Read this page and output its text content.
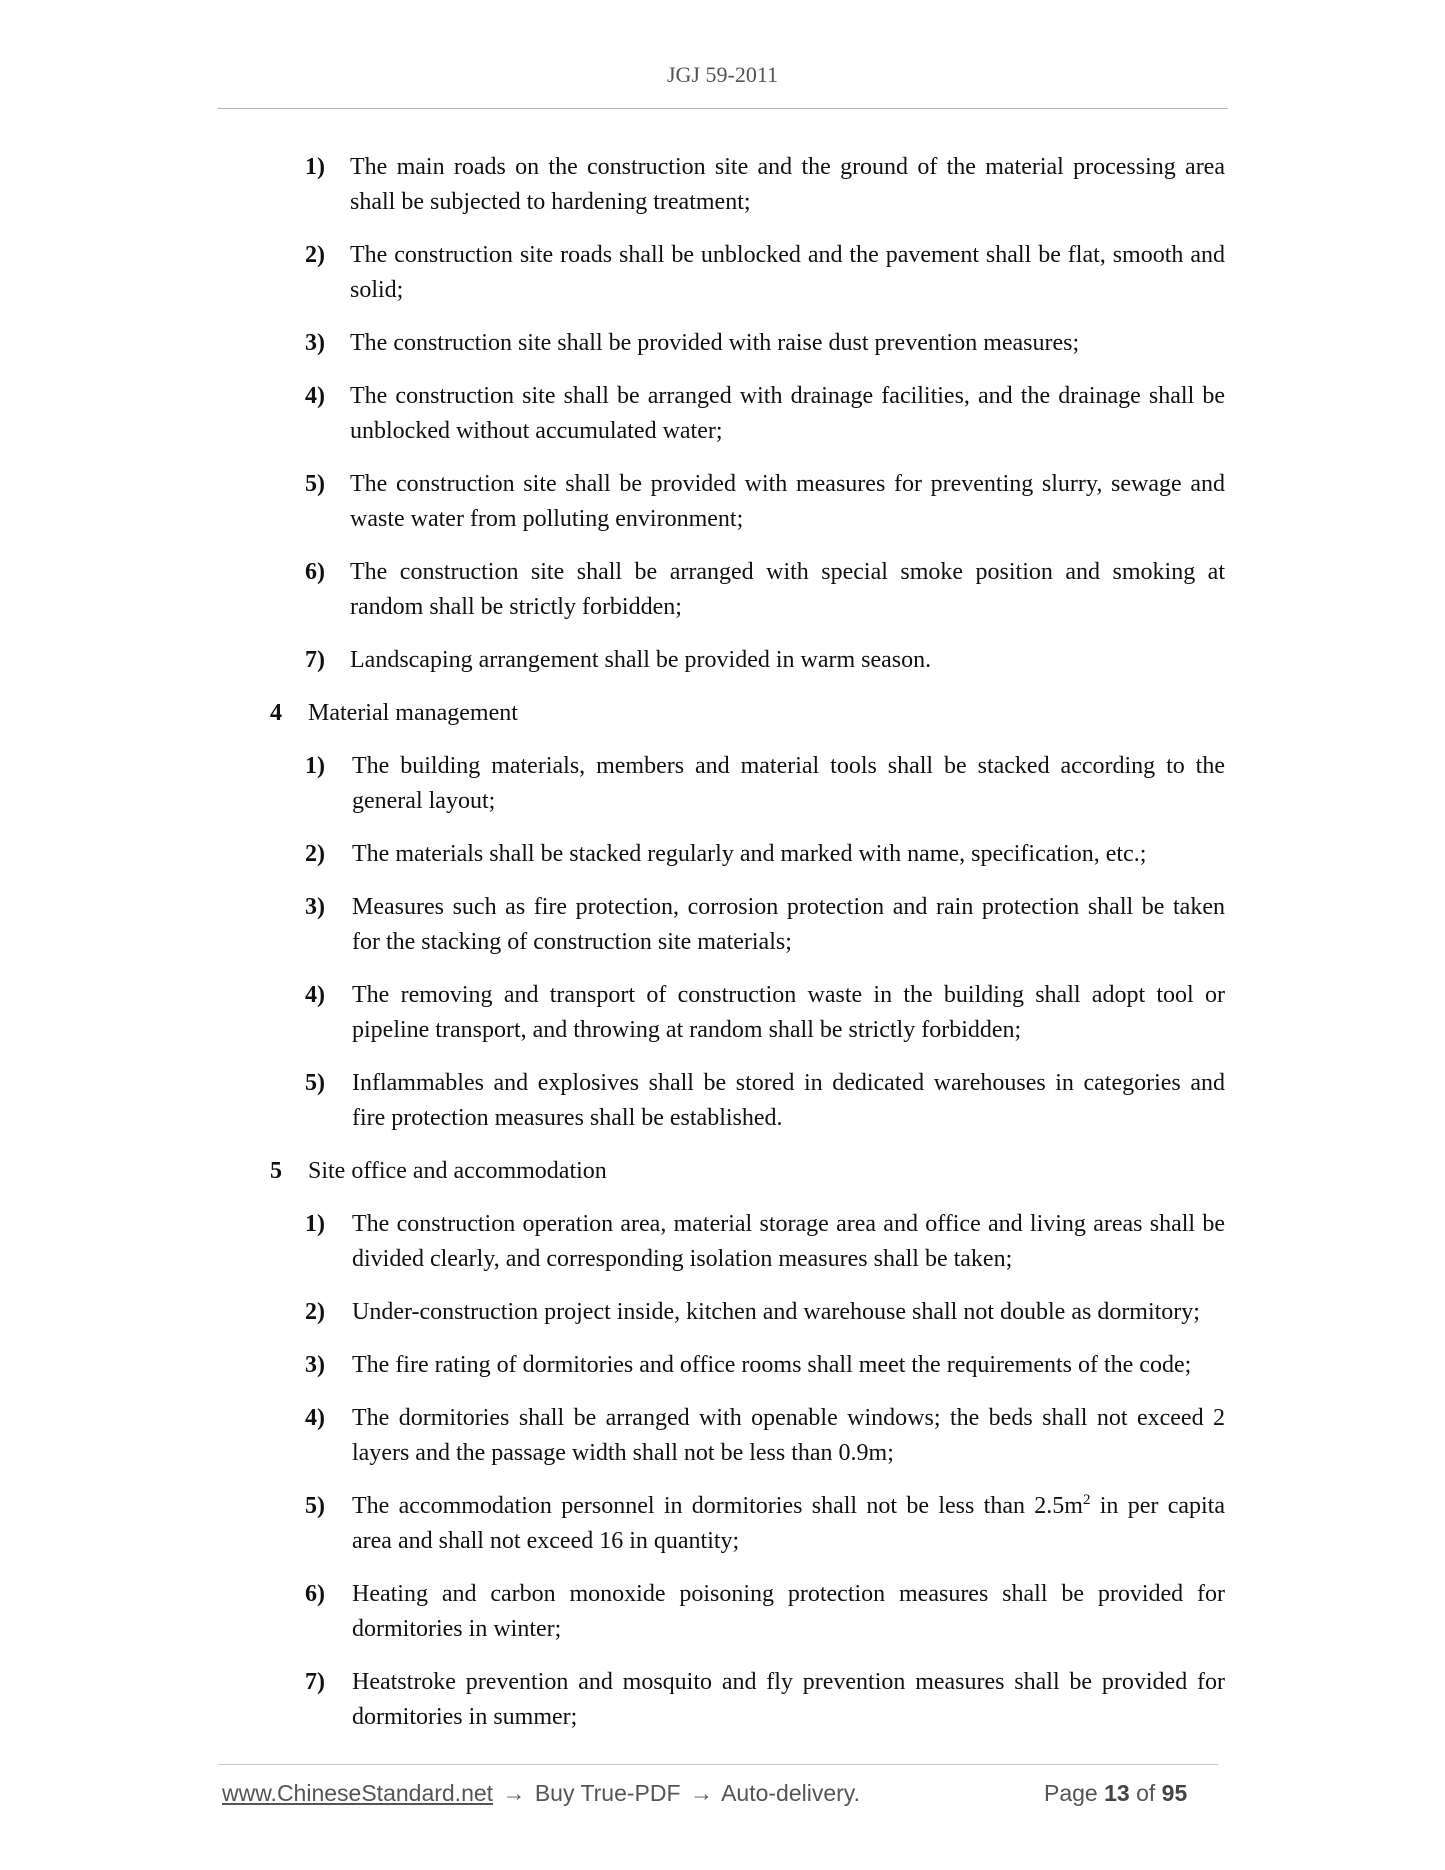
JGJ 59-2011
1) The main roads on the construction site and the ground of the material processing area shall be subjected to hardening treatment;
2) The construction site roads shall be unblocked and the pavement shall be flat, smooth and solid;
3) The construction site shall be provided with raise dust prevention measures;
4) The construction site shall be arranged with drainage facilities, and the drainage shall be unblocked without accumulated water;
5) The construction site shall be provided with measures for preventing slurry, sewage and waste water from polluting environment;
6) The construction site shall be arranged with special smoke position and smoking at random shall be strictly forbidden;
7) Landscaping arrangement shall be provided in warm season.
4 Material management
1) The building materials, members and material tools shall be stacked according to the general layout;
2) The materials shall be stacked regularly and marked with name, specification, etc.;
3) Measures such as fire protection, corrosion protection and rain protection shall be taken for the stacking of construction site materials;
4) The removing and transport of construction waste in the building shall adopt tool or pipeline transport, and throwing at random shall be strictly forbidden;
5) Inflammables and explosives shall be stored in dedicated warehouses in categories and fire protection measures shall be established.
5 Site office and accommodation
1) The construction operation area, material storage area and office and living areas shall be divided clearly, and corresponding isolation measures shall be taken;
2) Under-construction project inside, kitchen and warehouse shall not double as dormitory;
3) The fire rating of dormitories and office rooms shall meet the requirements of the code;
4) The dormitories shall be arranged with openable windows; the beds shall not exceed 2 layers and the passage width shall not be less than 0.9m;
5) The accommodation personnel in dormitories shall not be less than $2.5m^2$ in per capita area and shall not exceed 16 in quantity;
6) Heating and carbon monoxide poisoning protection measures shall be provided for dormitories in winter;
7) Heatstroke prevention and mosquito and fly prevention measures shall be provided for dormitories in summer;
www.ChineseStandard.net → Buy True-PDF → Auto-delivery.	Page 13 of 95
